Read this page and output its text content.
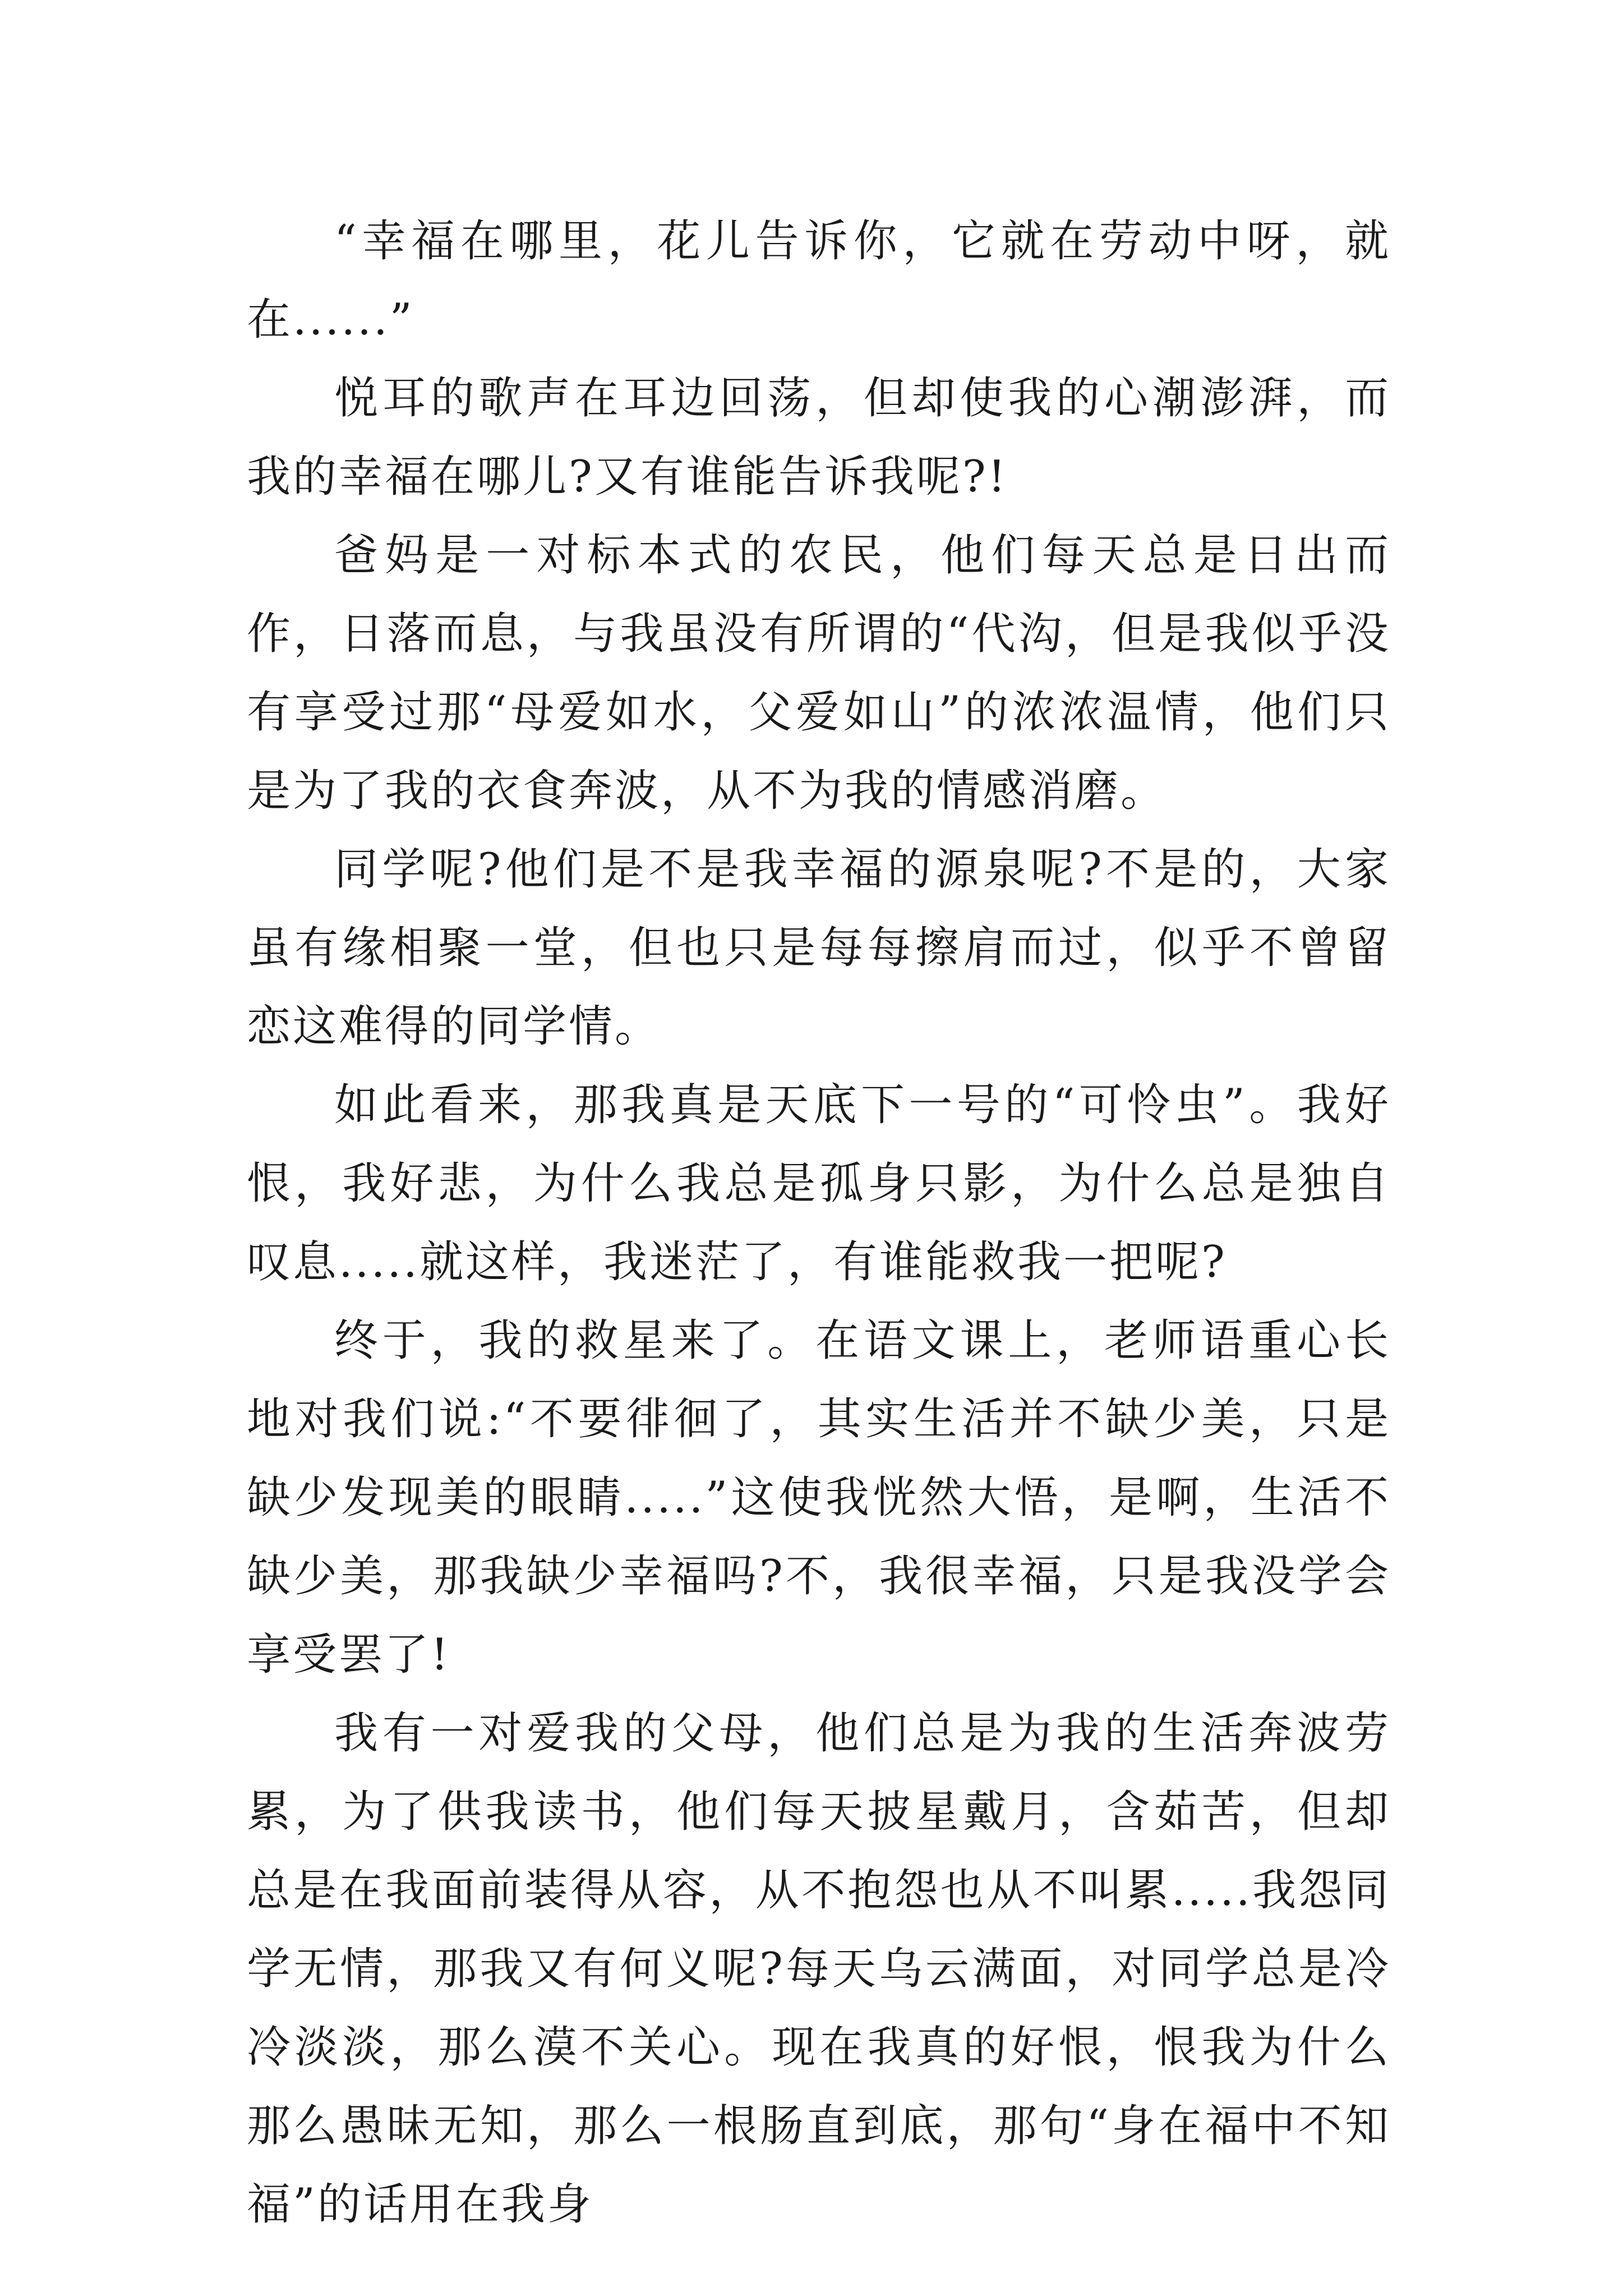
“幸福在哪里，花儿告诉你，它就在劳动中呀，就在......”

悦耳的歌声在耳边回荡，但却使我的心潮澎湃，而我的幸福在哪儿?又有谁能告诉我呢?!

爸妈是一对标本式的农民，他们每天总是日出而作，日落而息，与我虽没有所谓的“代沟，但是我似乎没有享受过那“母爱如水，父爱如山”的浓浓温情，他们只是为了我的衣食奔波，从不为我的情感消磨。

同学呢?他们是不是我幸福的源泉呢?不是的，大家虽有缘相聚一堂，但也只是每每擦肩而过，似乎不曾留恋这难得的同学情。

如此看来，那我真是天底下一号的“可怜虫”。我好恨，我好悲，为什么我总是孤身只影，为什么总是独自叹息.....就这样，我迷茫了，有谁能救我一把呢?

终于，我的救星来了。在语文课上，老师语重心长地对我们说:“不要徘徊了，其实生活并不缺少美，只是缺少发现美的眼睛.....”这使我恍然大悟，是啊，生活不缺少美，那我缺少幸福吗?不，我很幸福，只是我没学会享受罢了!

我有一对爱我的父母，他们总是为我的生活奔波劳累，为了供我读书，他们每天披星戴月，含茹苦，但却总是在我面前装得从容，从不抱怨也从不叫累.....我怨同学无情，那我又有何义呢?每天乌云满面，对同学总是冷冷淡淡，那么漠不关心。现在我真的好恨，恨我为什么那么愚昧无知，那么一根肠直到底，那句“身在福中不知福”的话用在我身
